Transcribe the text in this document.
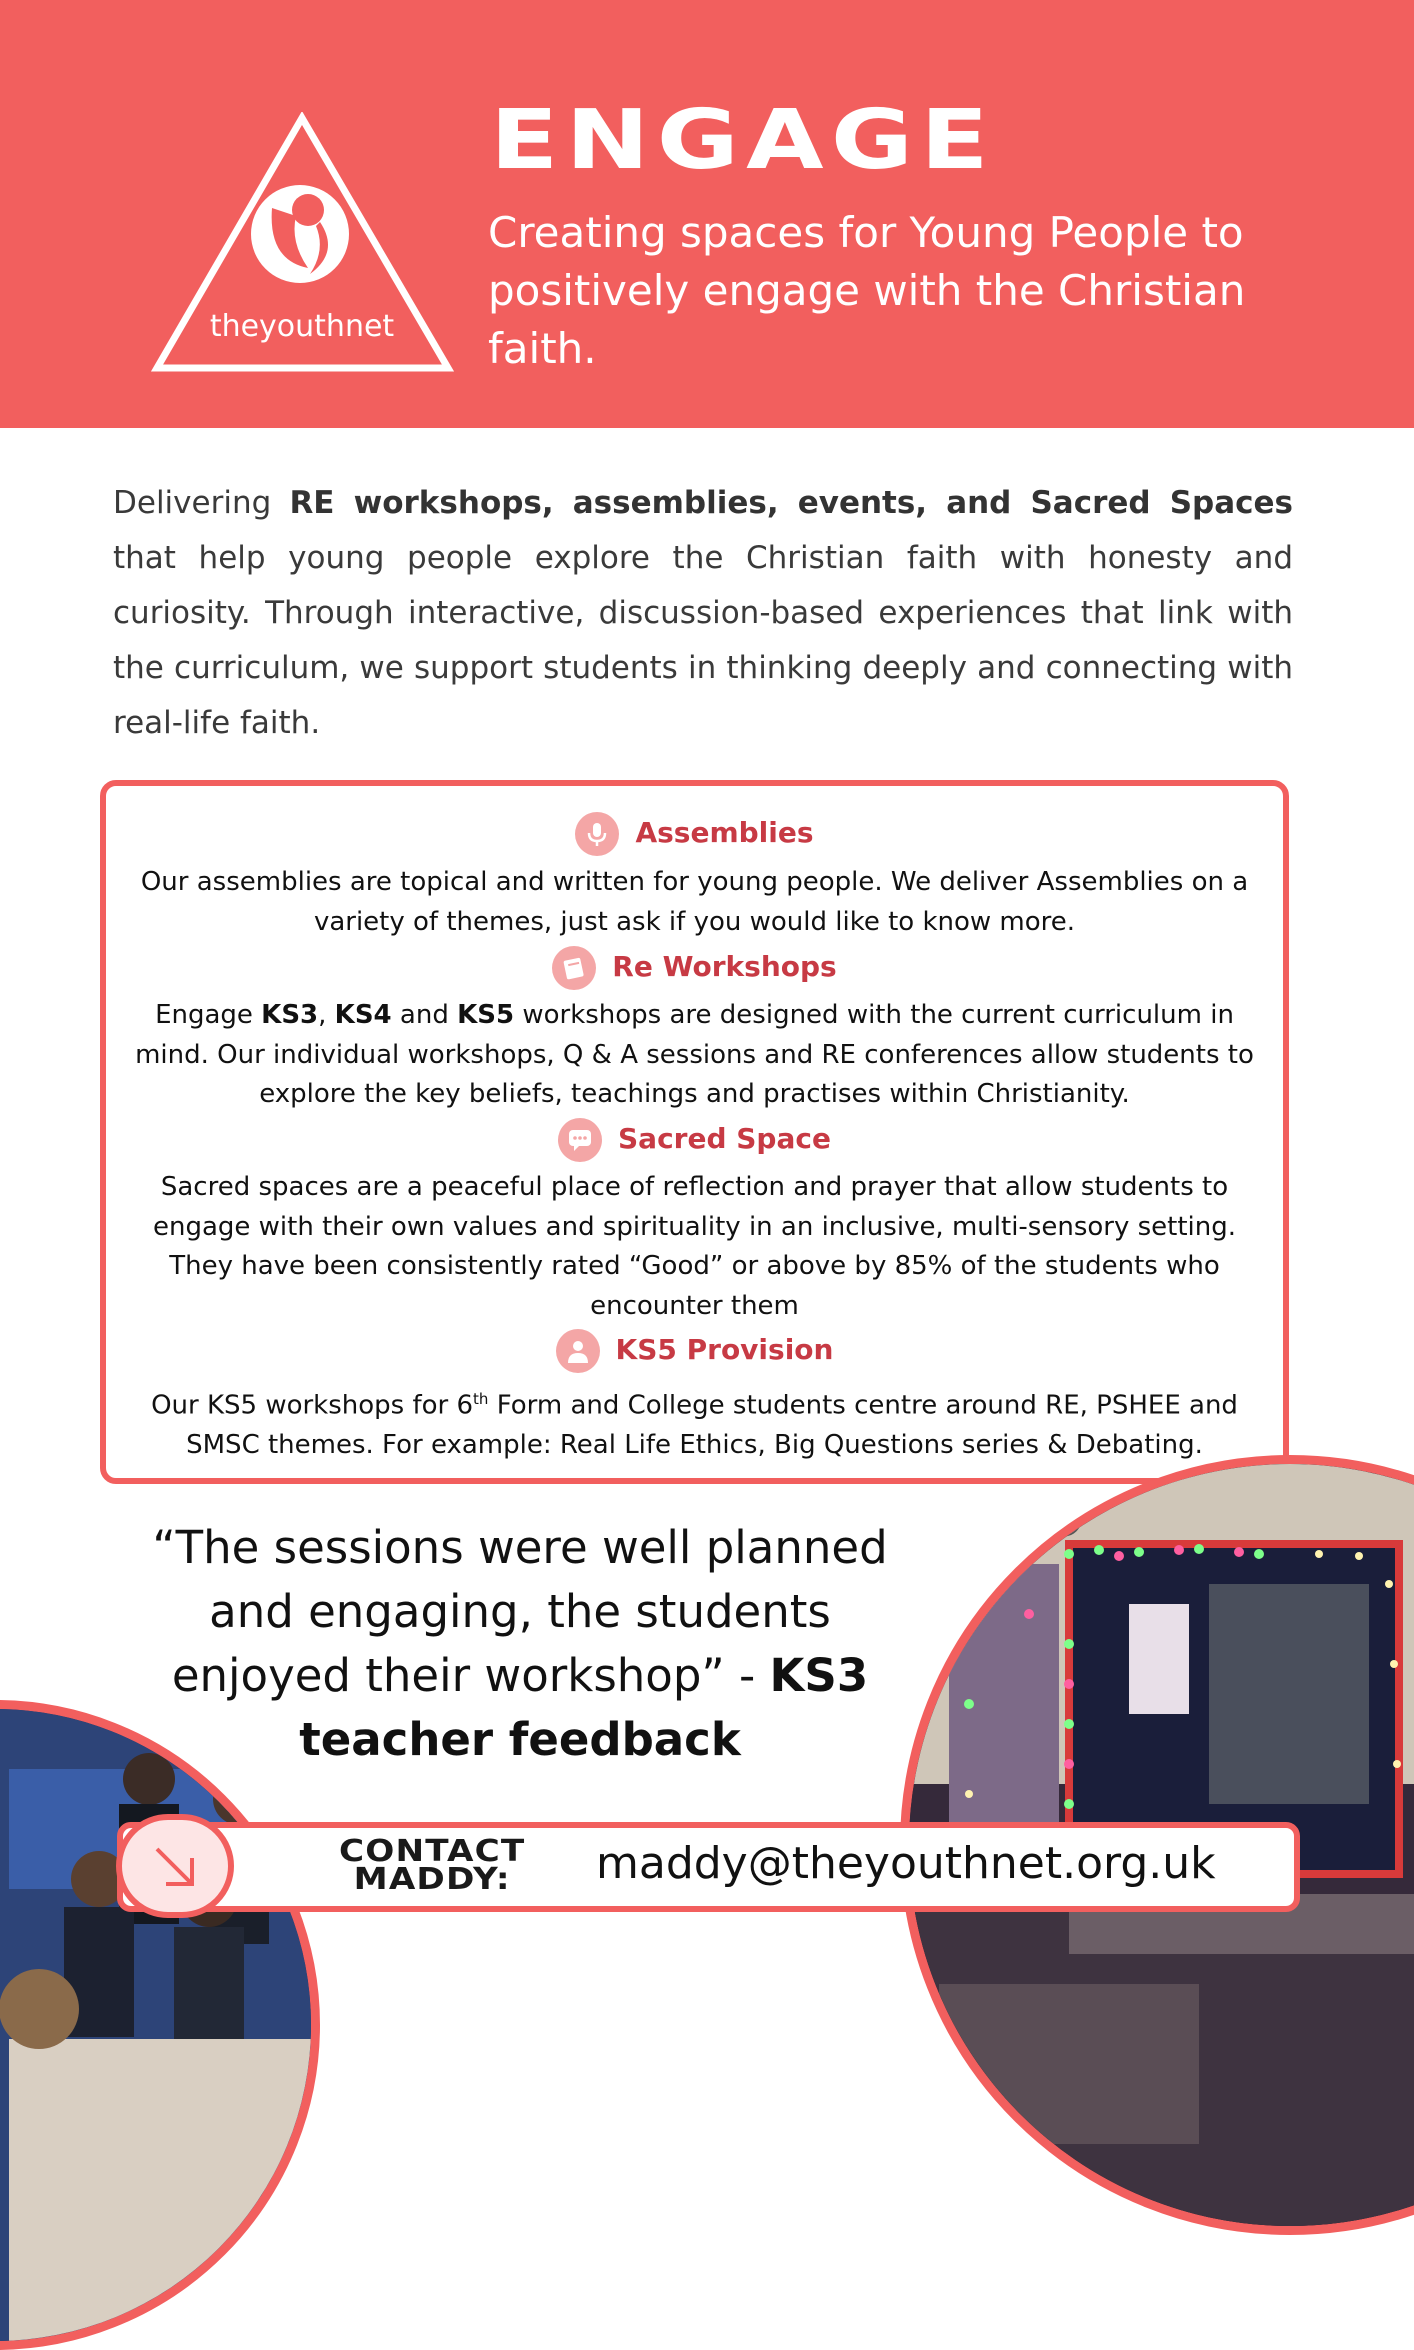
theyouthnet
ENGAGE

Creating spaces for Young People to positively engage with the Christian faith.

Delivering RE workshops, assemblies, events, and Sacred Spaces that help young people explore the Christian faith with honesty and curiosity. Through interactive, discussion-based experiences that link with the curriculum, we support students in thinking deeply and connecting with real-life faith.

Assemblies

Our assemblies are topical and written for young people. We deliver Assemblies on a variety of themes, just ask if you would like to know more.

Re Workshops

Engage KS3, KS4 and KS5 workshops are designed with the current curriculum in mind. Our individual workshops, Q & A sessions and RE conferences allow students to explore the key beliefs, teachings and practises within Christianity.

Sacred Space

Sacred spaces are a peaceful place of reflection and prayer that allow students to engage with their own values and spirituality in an inclusive, multi-sensory setting. They have been consistently rated “Good” or above by 85% of the students who encounter them

KS5 Provision

Our KS5 workshops for 6th Form and College students centre around RE, PSHEE and SMSC themes. For example: Real Life Ethics, Big Questions series & Debating.

“The sessions were well planned and engaging, the students enjoyed their workshop” - KS3 teacher feedback

CONTACT
MADDY:	maddy@theyouthnet.org.uk
